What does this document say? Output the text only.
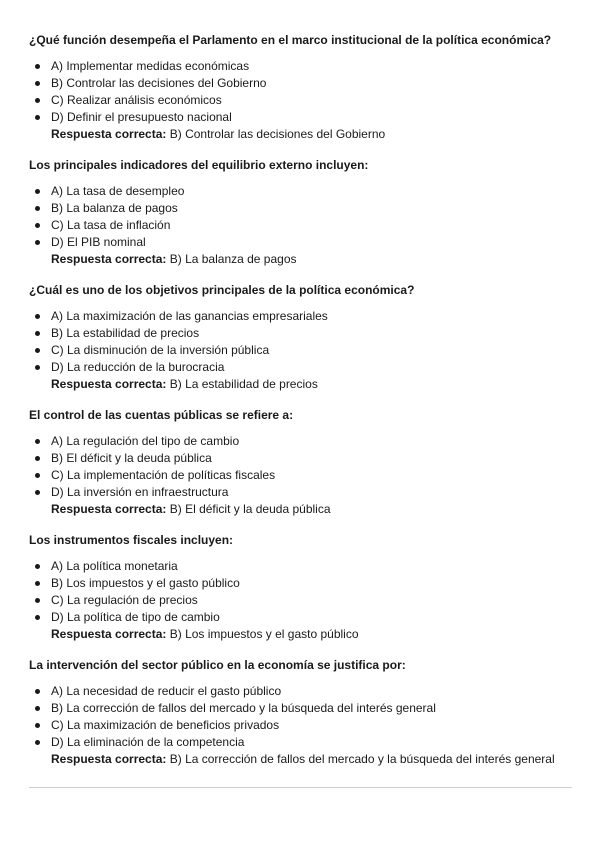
¿Qué función desempeña el Parlamento en el marco institucional de la política económica?
A) Implementar medidas económicas
B) Controlar las decisiones del Gobierno
C) Realizar análisis económicos
D) Definir el presupuesto nacional
Respuesta correcta: B) Controlar las decisiones del Gobierno
Los principales indicadores del equilibrio externo incluyen:
A) La tasa de desempleo
B) La balanza de pagos
C) La tasa de inflación
D) El PIB nominal
Respuesta correcta: B) La balanza de pagos
¿Cuál es uno de los objetivos principales de la política económica?
A) La maximización de las ganancias empresariales
B) La estabilidad de precios
C) La disminución de la inversión pública
D) La reducción de la burocracia
Respuesta correcta: B) La estabilidad de precios
El control de las cuentas públicas se refiere a:
A) La regulación del tipo de cambio
B) El déficit y la deuda pública
C) La implementación de políticas fiscales
D) La inversión en infraestructura
Respuesta correcta: B) El déficit y la deuda pública
Los instrumentos fiscales incluyen:
A) La política monetaria
B) Los impuestos y el gasto público
C) La regulación de precios
D) La política de tipo de cambio
Respuesta correcta: B) Los impuestos y el gasto público
La intervención del sector público en la economía se justifica por:
A) La necesidad de reducir el gasto público
B) La corrección de fallos del mercado y la búsqueda del interés general
C) La maximización de beneficios privados
D) La eliminación de la competencia
Respuesta correcta: B) La corrección de fallos del mercado y la búsqueda del interés general
